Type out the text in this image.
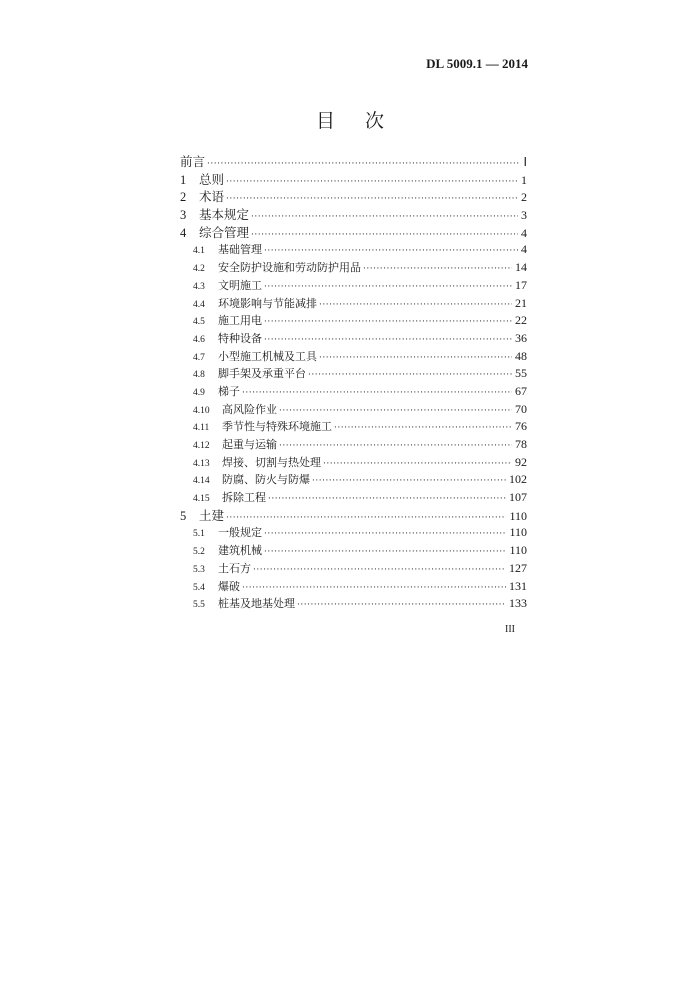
DL 5009.1 — 2014
目次
前言 ·····	Ⅰ
1	总则 ·····	1
2	术语 ·····	2
3	基本规定 ·····	3
4	综合管理 ·····	4
4.1	基础管理 ·····	4
4.2	安全防护设施和劳动防护用品 ·····	14
4.3	文明施工 ·····	17
4.4	环境影响与节能减排 ·····	21
4.5	施工用电 ·····	22
4.6	特种设备 ·····	36
4.7	小型施工机械及工具 ·····	48
4.8	脚手架及承重平台 ·····	55
4.9	梯子 ·····	67
4.10	高风险作业 ·····	70
4.11	季节性与特殊环境施工 ·····	76
4.12	起重与运输 ·····	78
4.13	焊接、切割与热处理 ·····	92
4.14	防腐、防火与防爆 ·····	102
4.15	拆除工程 ·····	107
5	土建 ·····	110
5.1	一般规定 ·····	110
5.2	建筑机械 ·····	110
5.3	土石方 ·····	127
5.4	爆破 ·····	131
5.5	桩基及地基处理 ·····	133
III
